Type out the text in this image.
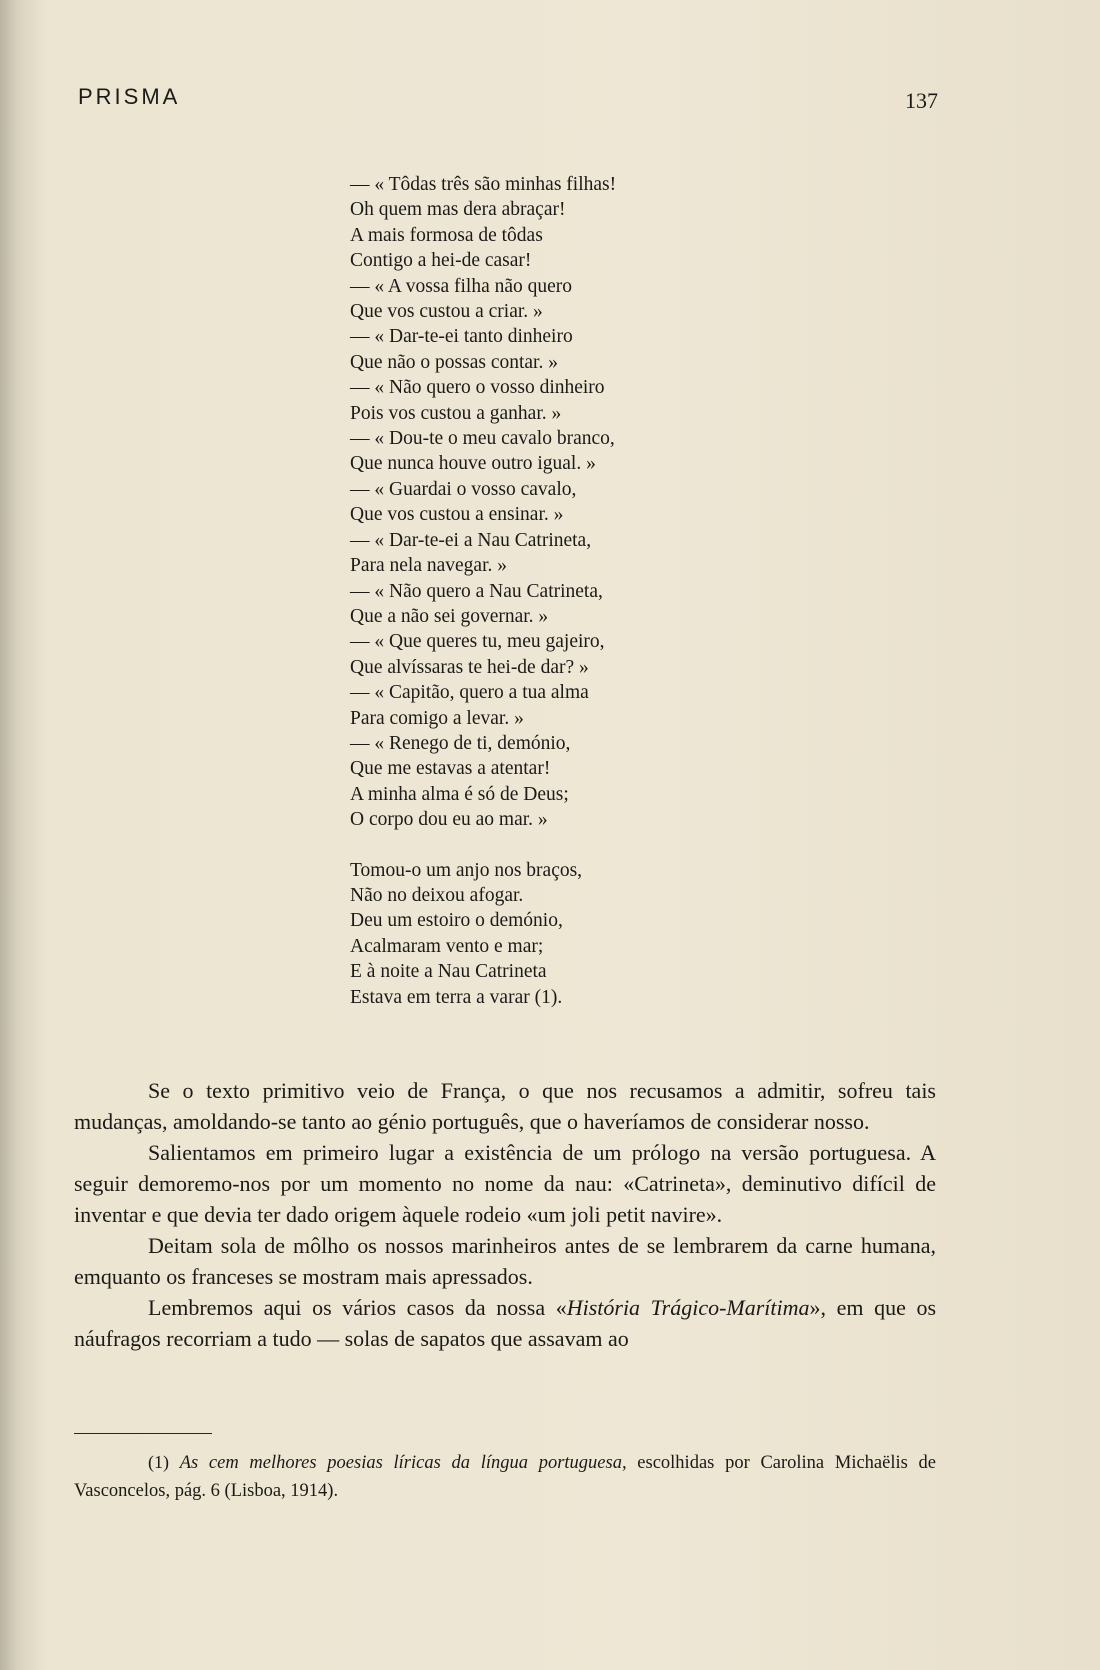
PRISMA	137
— « Tôdas três são minhas filhas!
Oh quem mas dera abraçar!
A mais formosa de tôdas
Contigo a hei-de casar!
— « A vossa filha não quero
Que vos custou a criar. »
— « Dar-te-ei tanto dinheiro
Que não o possas contar. »
— « Não quero o vosso dinheiro
Pois vos custou a ganhar. »
— « Dou-te o meu cavalo branco,
Que nunca houve outro igual. »
— « Guardai o vosso cavalo,
Que vos custou a ensinar. »
— « Dar-te-ei a Nau Catrineta,
Para nela navegar. »
— « Não quero a Nau Catrineta,
Que a não sei governar. »
— « Que queres tu, meu gajeiro,
Que alvíssaras te hei-de dar? »
— « Capitão, quero a tua alma
Para comigo a levar. »
— « Renego de ti, demónio,
Que me estavas a atentar!
A minha alma é só de Deus;
O corpo dou eu ao mar. »
Tomou-o um anjo nos braços,
Não no deixou afogar.
Deu um estoiro o demónio,
Acalmaram vento e mar;
E à noite a Nau Catrineta
Estava em terra a varar (1).

Se o texto primitivo veio de França, o que nos recusamos a admitir, sofreu tais mudanças, amoldando-se tanto ao génio português, que o haveríamos de considerar nosso.

Salientamos em primeiro lugar a existência de um prólogo na versão portuguesa. A seguir demoremo-nos por um momento no nome da nau: «Catrineta», deminutivo difícil de inventar e que devia ter dado origem àquele rodeio «um joli petit navire».

Deitam sola de môlho os nossos marinheiros antes de se lembrarem da carne humana, emquanto os franceses se mostram mais apressados.

Lembremos aqui os vários casos da nossa «História Trágico-Marítima», em que os náufragos recorriam a tudo — solas de sapatos que assavam ao

(1) As cem melhores poesias líricas da língua portuguesa, escolhidas por Carolina Michaëlis de Vasconcelos, pág. 6 (Lisboa, 1914).
